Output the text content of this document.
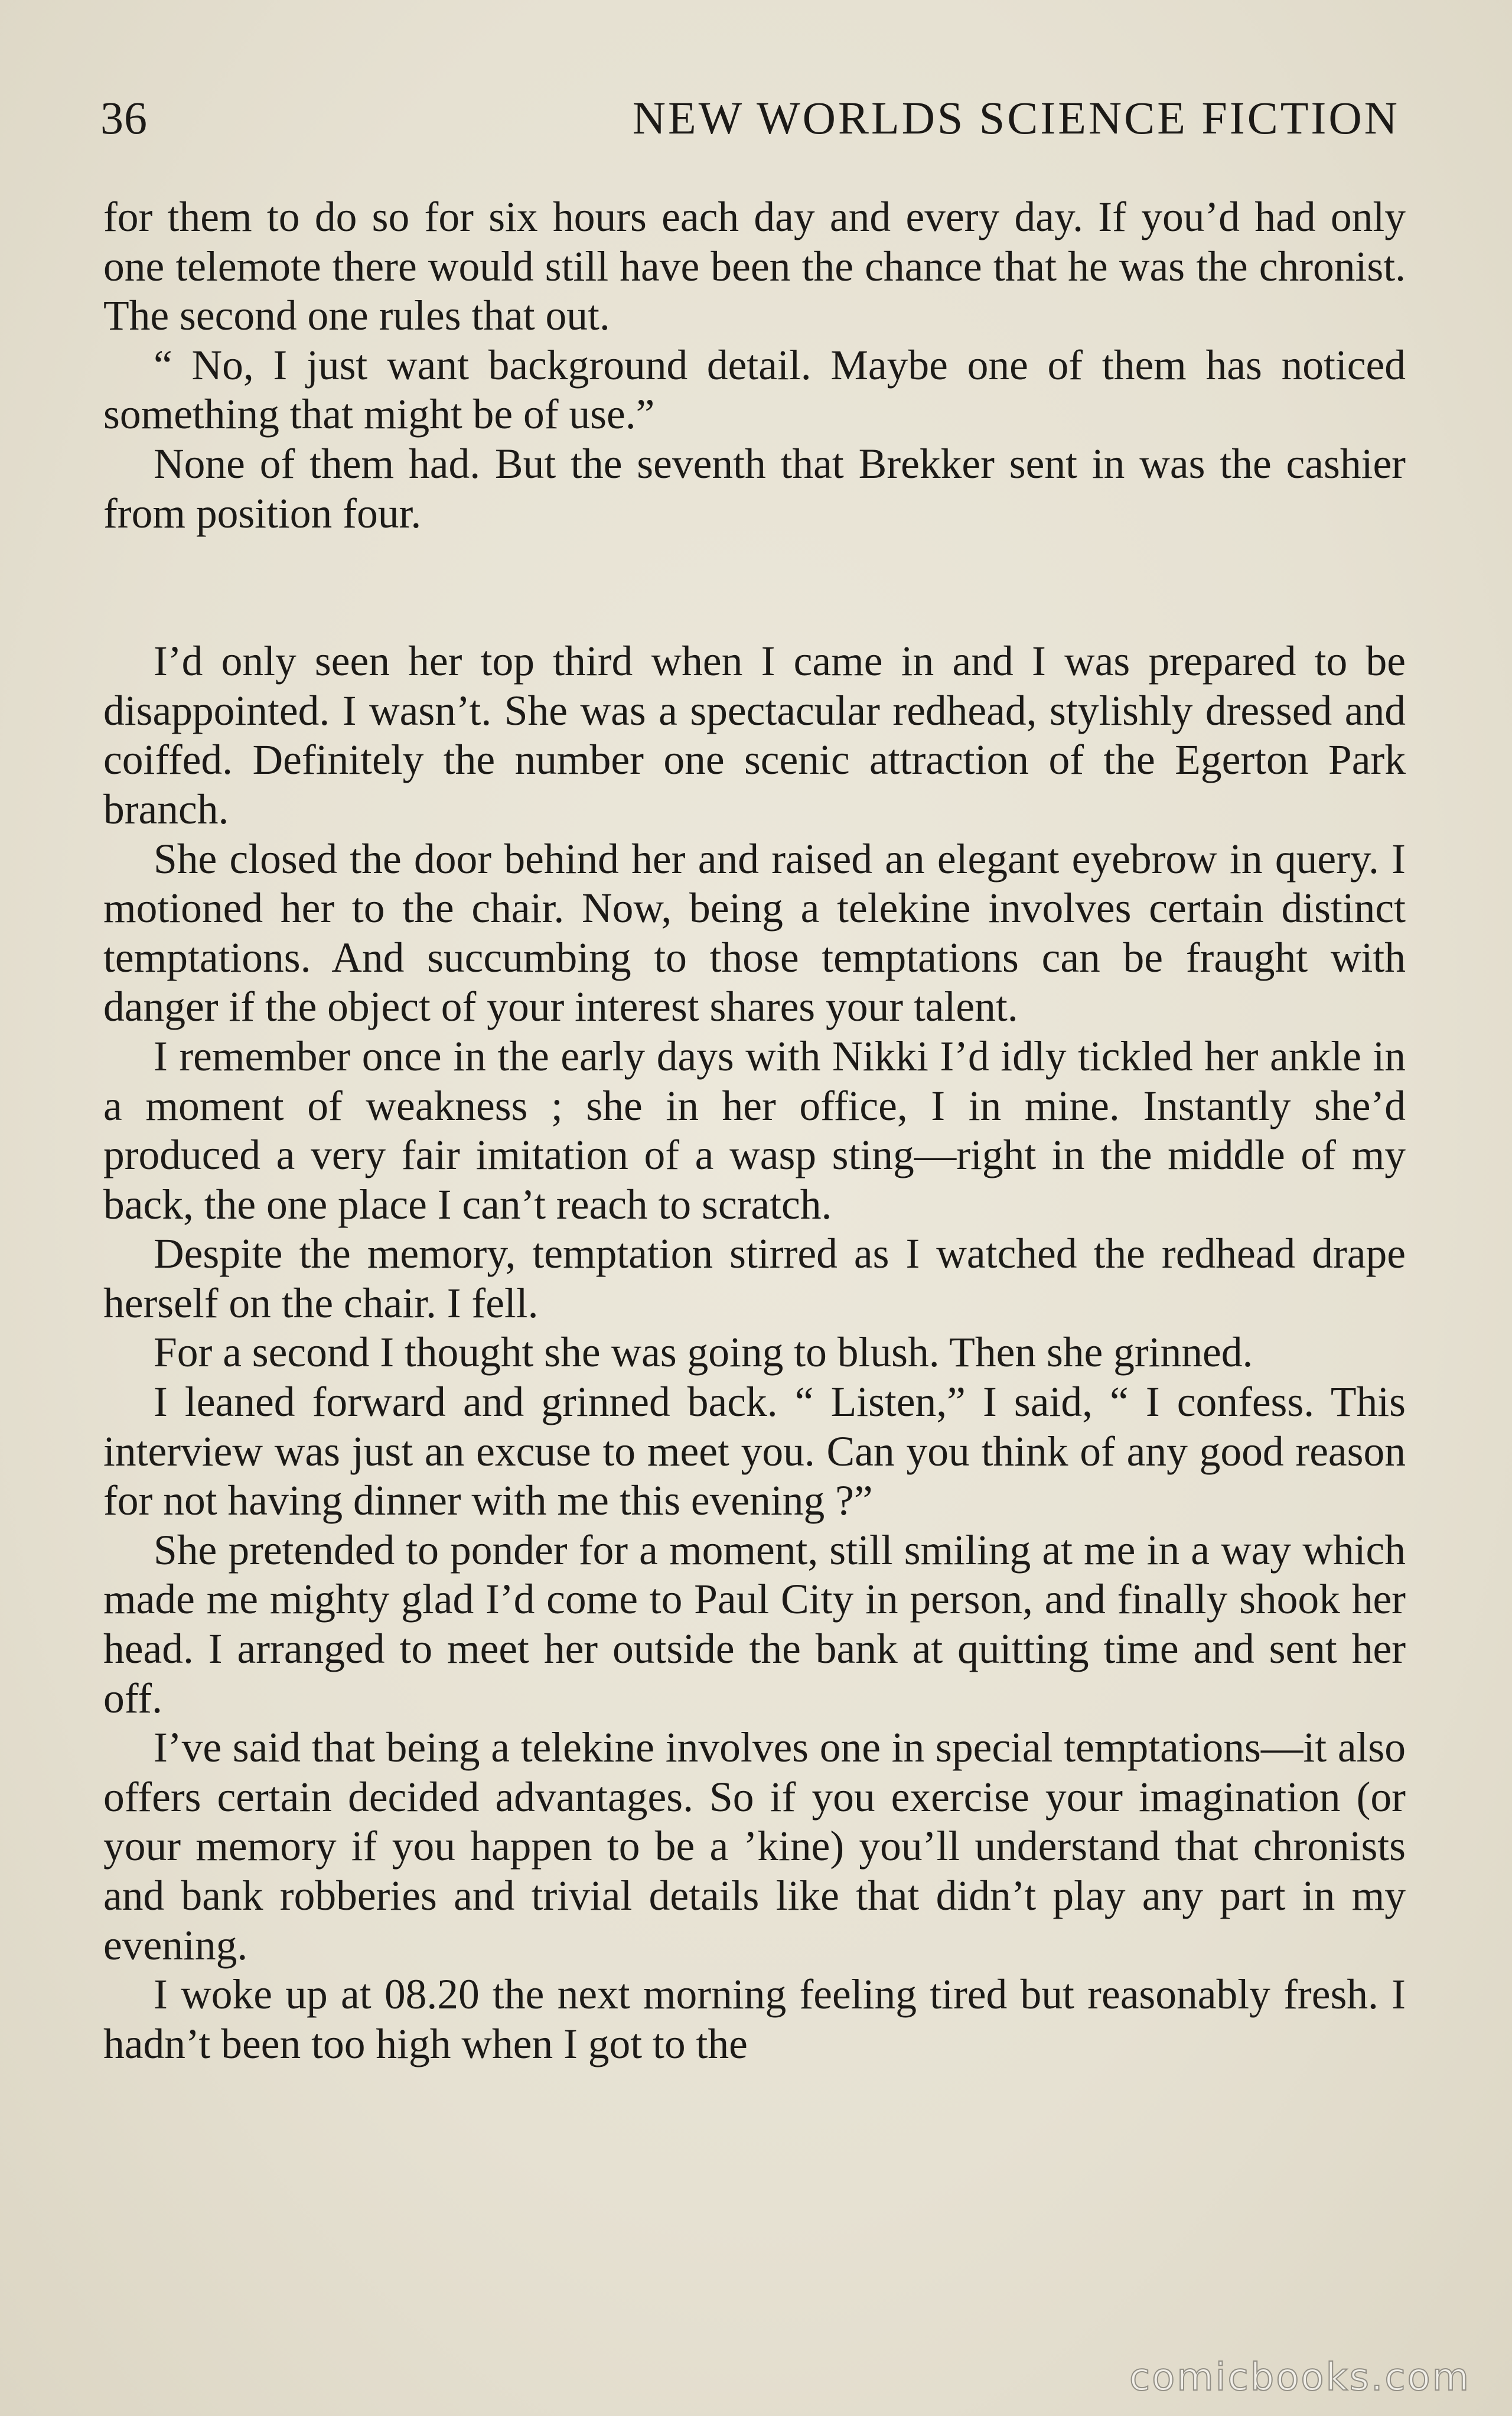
36	NEW WORLDS SCIENCE FICTION

for them to do so for six hours each day and every day. If you’d had only one telemote there would still have been the chance that he was the chronist. The second one rules that out.

“ No, I just want background detail. Maybe one of them has noticed something that might be of use.”

None of them had. But the seventh that Brekker sent in was the cashier from position four.

I’d only seen her top third when I came in and I was prepared to be disappointed. I wasn’t. She was a spectacular redhead, stylishly dressed and coiffed. Definitely the number one scenic attraction of the Egerton Park branch.

She closed the door behind her and raised an elegant eyebrow in query. I motioned her to the chair. Now, being a telekine involves certain distinct temptations. And succumbing to those temptations can be fraught with danger if the object of your interest shares your talent.

I remember once in the early days with Nikki I’d idly tickled her ankle in a moment of weakness ; she in her office, I in mine. Instantly she’d produced a very fair imitation of a wasp sting—right in the middle of my back, the one place I can’t reach to scratch.

Despite the memory, temptation stirred as I watched the redhead drape herself on the chair. I fell.

For a second I thought she was going to blush. Then she grinned.

I leaned forward and grinned back. “ Listen,” I said, “ I confess. This interview was just an excuse to meet you. Can you think of any good reason for not having dinner with me this evening ?”

She pretended to ponder for a moment, still smiling at me in a way which made me mighty glad I’d come to Paul City in person, and finally shook her head. I arranged to meet her outside the bank at quitting time and sent her off.

I’ve said that being a telekine involves one in special temptations—it also offers certain decided advantages. So if you exercise your imagination (or your memory if you happen to be a ’kine) you’ll understand that chronists and bank robberies and trivial details like that didn’t play any part in my evening.

I woke up at 08.20 the next morning feeling tired but reasonably fresh. I hadn’t been too high when I got to the

comicbooks.com
